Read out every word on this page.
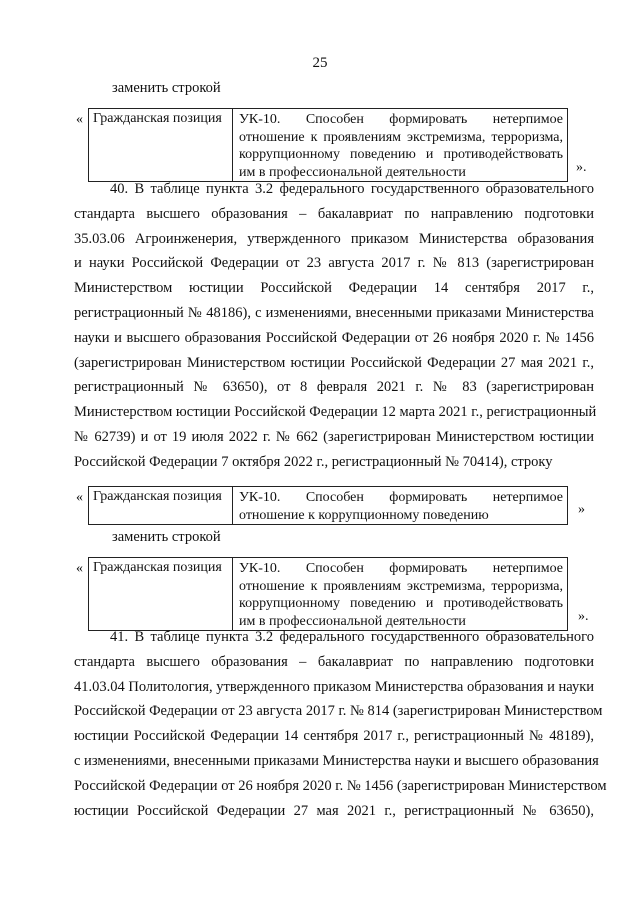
25
заменить строкой
« Гражданская позиция	УК-10. Способен формировать нетерпимое
отношение к проявлениям экстремизма, терроризма,
коррупционному поведению и противодействовать
им в профессиональной деятельности	».
40. В таблице пункта 3.2 федерального государственного образовательного
стандарта высшего образования – бакалавриат по направлению подготовки
35.03.06 Агроинженерия, утвержденного приказом Министерства образования
и науки Российской Федерации от 23 августа 2017 г. № 813 (зарегистрирован
Министерством юстиции Российской Федерации 14 сентября 2017 г.,
регистрационный № 48186), с изменениями, внесенными приказами Министерства
науки и высшего образования Российской Федерации от 26 ноября 2020 г. № 1456
(зарегистрирован Министерством юстиции Российской Федерации 27 мая 2021 г.,
регистрационный № 63650), от 8 февраля 2021 г. № 83 (зарегистрирован
Министерством юстиции Российской Федерации 12 марта 2021 г., регистрационный
№ 62739) и от 19 июля 2022 г. № 662 (зарегистрирован Министерством юстиции
Российской Федерации 7 октября 2022 г., регистрационный № 70414), строку
« Гражданская позиция	УК-10. Способен формировать нетерпимое
отношение к коррупционному поведению	»
заменить строкой
« Гражданская позиция	УК-10. Способен формировать нетерпимое
отношение к проявлениям экстремизма, терроризма,
коррупционному поведению и противодействовать
им в профессиональной деятельности	».
41. В таблице пункта 3.2 федерального государственного образовательного
стандарта высшего образования – бакалавриат по направлению подготовки
41.03.04 Политология, утвержденного приказом Министерства образования и науки
Российской Федерации от 23 августа 2017 г. № 814 (зарегистрирован Министерством
юстиции Российской Федерации 14 сентября 2017 г., регистрационный № 48189),
с изменениями, внесенными приказами Министерства науки и высшего образования
Российской Федерации от 26 ноября 2020 г. № 1456 (зарегистрирован Министерством
юстиции Российской Федерации 27 мая 2021 г., регистрационный № 63650),
